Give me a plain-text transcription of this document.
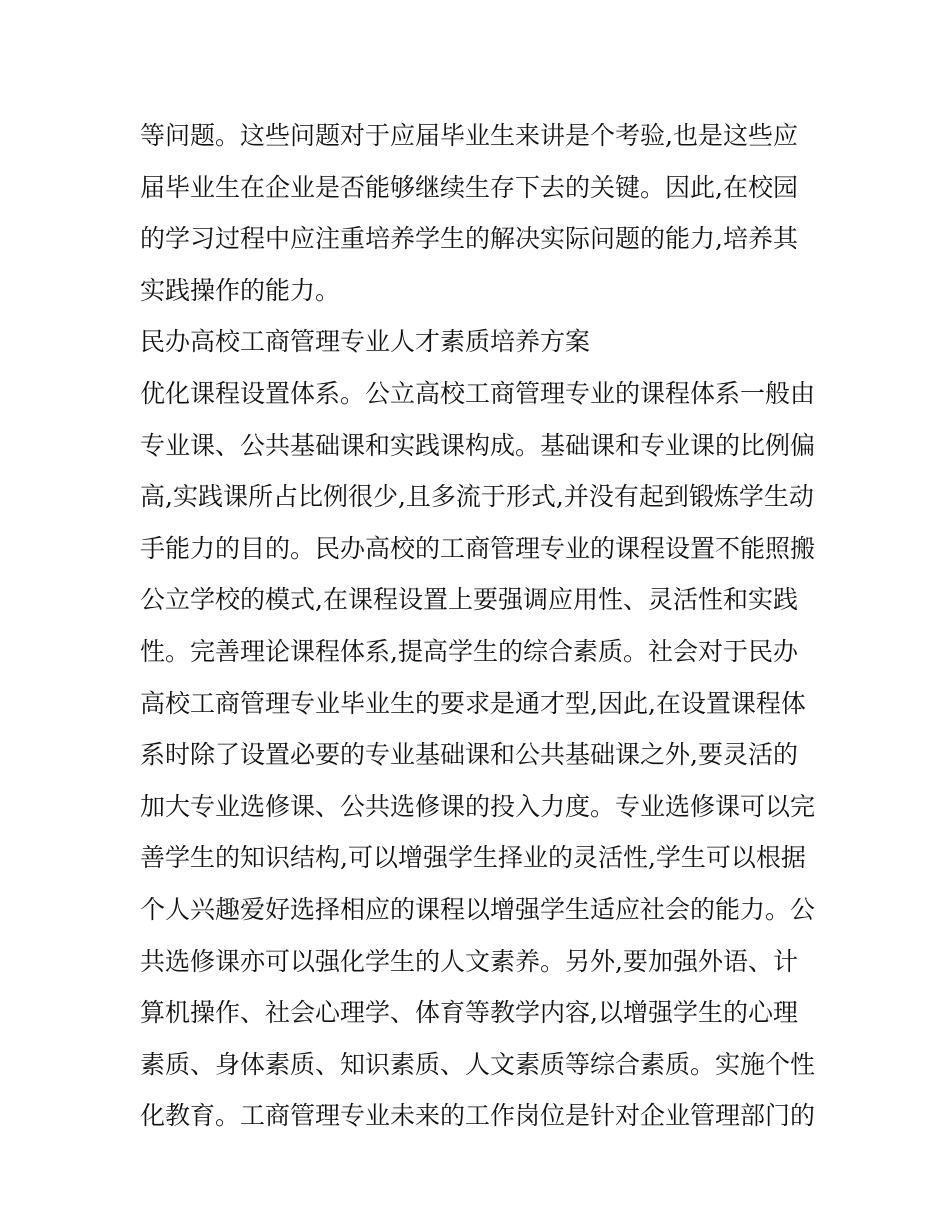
等问题。这些问题对于应届毕业生来讲是个考验,也是这些应
届毕业生在企业是否能够继续生存下去的关键。因此,在校园
的学习过程中应注重培养学生的解决实际问题的能力,培养其
实践操作的能力。
民办高校工商管理专业人才素质培养方案
优化课程设置体系。公立高校工商管理专业的课程体系一般由
专业课、公共基础课和实践课构成。基础课和专业课的比例偏
高,实践课所占比例很少,且多流于形式,并没有起到锻炼学生动
手能力的目的。民办高校的工商管理专业的课程设置不能照搬
公立学校的模式,在课程设置上要强调应用性、灵活性和实践
性。完善理论课程体系,提高学生的综合素质。社会对于民办
高校工商管理专业毕业生的要求是通才型,因此,在设置课程体
系时除了设置必要的专业基础课和公共基础课之外,要灵活的
加大专业选修课、公共选修课的投入力度。专业选修课可以完
善学生的知识结构,可以增强学生择业的灵活性,学生可以根据
个人兴趣爱好选择相应的课程以增强学生适应社会的能力。公
共选修课亦可以强化学生的人文素养。另外,要加强外语、计
算机操作、社会心理学、体育等教学内容,以增强学生的心理
素质、身体素质、知识素质、人文素质等综合素质。实施个性
化教育。工商管理专业未来的工作岗位是针对企业管理部门的
